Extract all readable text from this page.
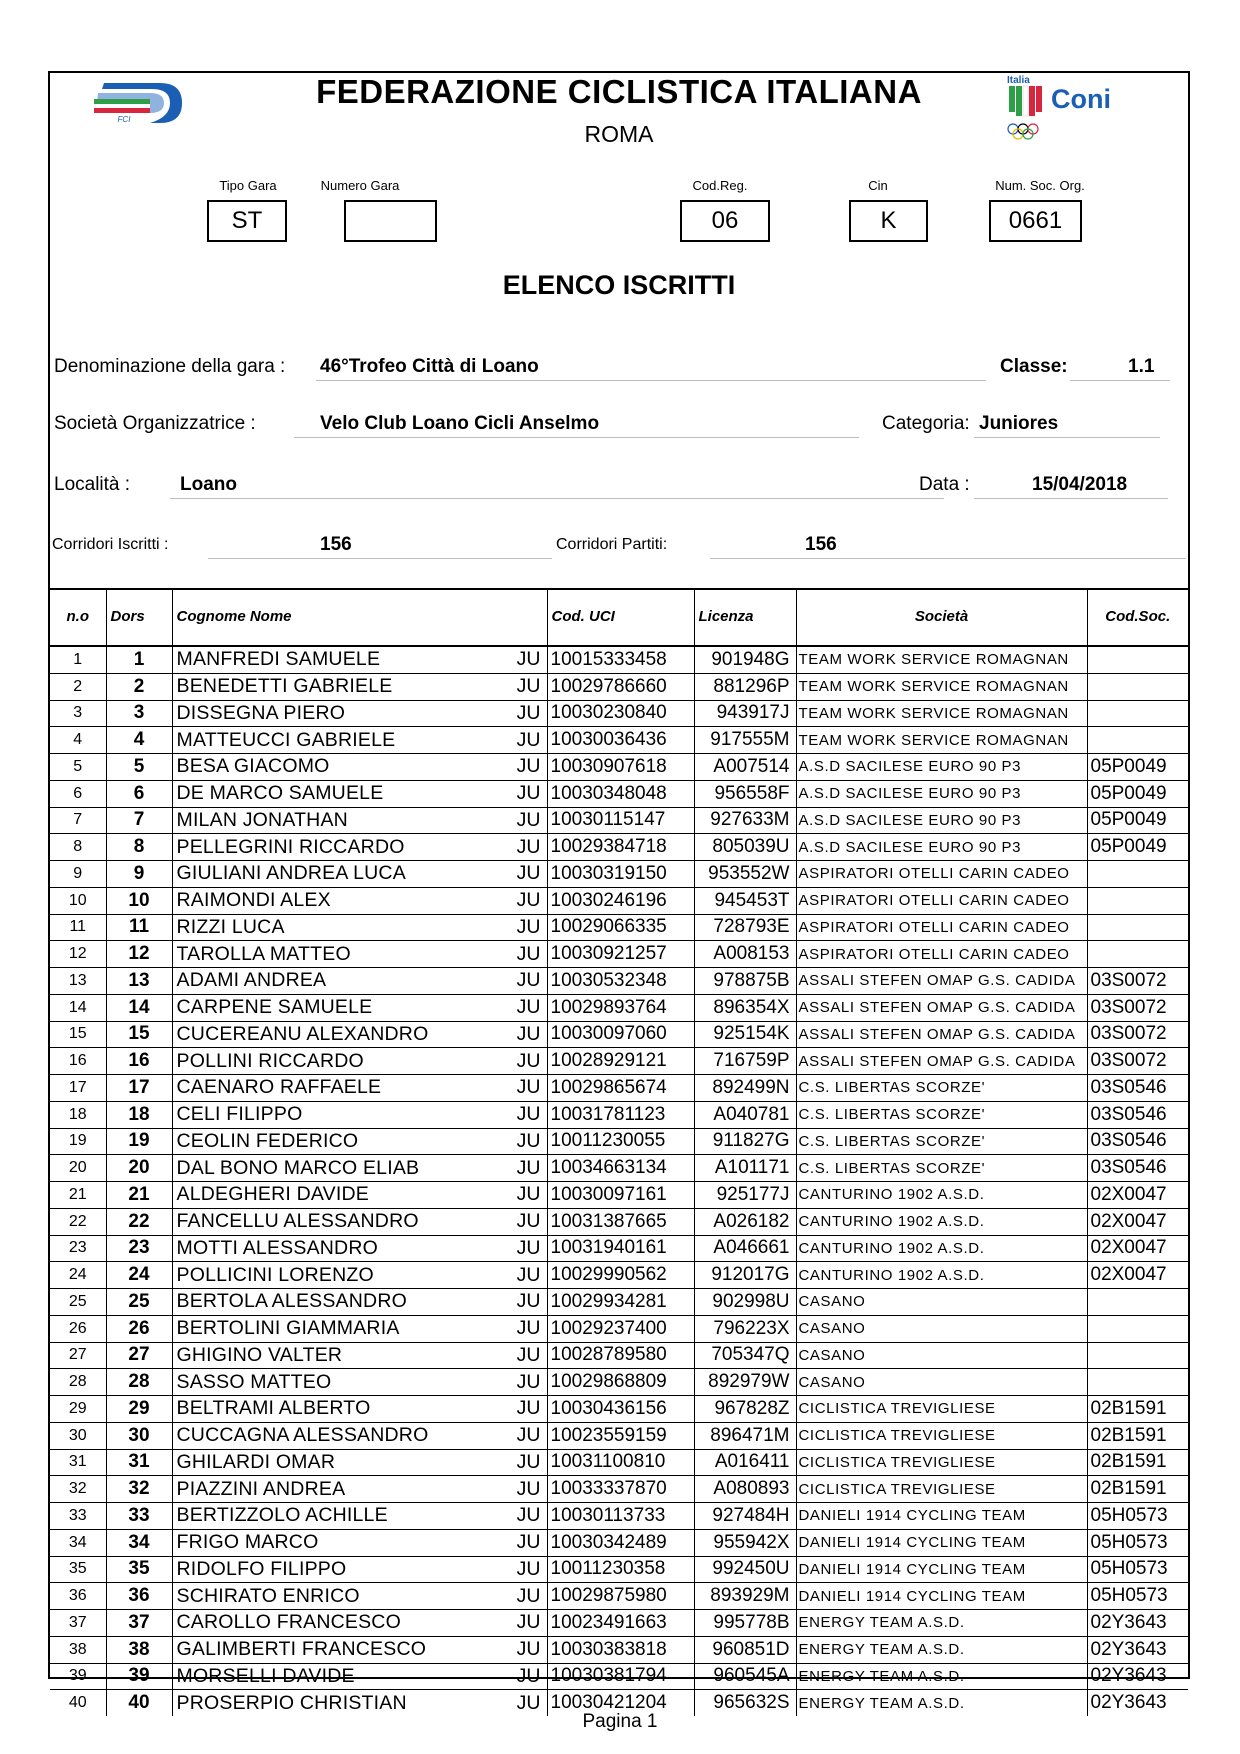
FCI
FEDERAZIONE CICLISTICA ITALIANA
ROMA
Italia
Coni
Tipo Gara
ST
Numero Gara	Cod.Reg.
06
Cin
K
Num. Soc. Org.
0661
ELENCO ISCRITTI
Denominazione della gara : 46°Trofeo Città di Loano	Classe:	1.1
Società Organizzatrice :	Velo Club Loano Cicli Anselmo	Categoria: Juniores
Località :	Loano	Data :	15/04/2018
Corridori Iscritti :	156	Corridori Partiti:	156
n.o	Dors	Cognome Nome	Cod. UCI	Licenza	Società	Cod.Soc.
1	1	MANFREDI SAMUELE JU	10015333458	901948G	TEAM WORK SERVICE ROMAGNAN	
2	2	BENEDETTI GABRIELE JU	10029786660	881296P	TEAM WORK SERVICE ROMAGNAN	
3	3	DISSEGNA PIERO JU	10030230840	943917J	TEAM WORK SERVICE ROMAGNAN	
4	4	MATTEUCCI GABRIELE JU	10030036436	917555M	TEAM WORK SERVICE ROMAGNAN	
5	5	BESA GIACOMO JU	10030907618	A007514	A.S.D SACILESE EURO 90 P3	05P0049
6	6	DE MARCO SAMUELE JU	10030348048	956558F	A.S.D SACILESE EURO 90 P3	05P0049
7	7	MILAN JONATHAN JU	10030115147	927633M	A.S.D SACILESE EURO 90 P3	05P0049
8	8	PELLEGRINI RICCARDO JU	10029384718	805039U	A.S.D SACILESE EURO 90 P3	05P0049
9	9	GIULIANI ANDREA LUCA JU	10030319150	953552W	ASPIRATORI OTELLI CARIN CADEO	
10	10	RAIMONDI ALEX JU	10030246196	945453T	ASPIRATORI OTELLI CARIN CADEO	
11	11	RIZZI LUCA JU	10029066335	728793E	ASPIRATORI OTELLI CARIN CADEO	
12	12	TAROLLA MATTEO JU	10030921257	A008153	ASPIRATORI OTELLI CARIN CADEO	
13	13	ADAMI ANDREA JU	10030532348	978875B	ASSALI STEFEN OMAP G.S. CADIDA	03S0072
14	14	CARPENE SAMUELE JU	10029893764	896354X	ASSALI STEFEN OMAP G.S. CADIDA	03S0072
15	15	CUCEREANU ALEXANDRO JU	10030097060	925154K	ASSALI STEFEN OMAP G.S. CADIDA	03S0072
16	16	POLLINI RICCARDO JU	10028929121	716759P	ASSALI STEFEN OMAP G.S. CADIDA	03S0072
17	17	CAENARO RAFFAELE JU	10029865674	892499N	C.S. LIBERTAS SCORZE'	03S0546
18	18	CELI FILIPPO JU	10031781123	A040781	C.S. LIBERTAS SCORZE'	03S0546
19	19	CEOLIN FEDERICO JU	10011230055	911827G	C.S. LIBERTAS SCORZE'	03S0546
20	20	DAL BONO MARCO ELIAB JU	10034663134	A101171	C.S. LIBERTAS SCORZE'	03S0546
21	21	ALDEGHERI DAVIDE JU	10030097161	925177J	CANTURINO 1902 A.S.D.	02X0047
22	22	FANCELLU ALESSANDRO JU	10031387665	A026182	CANTURINO 1902 A.S.D.	02X0047
23	23	MOTTI ALESSANDRO JU	10031940161	A046661	CANTURINO 1902 A.S.D.	02X0047
24	24	POLLICINI LORENZO JU	10029990562	912017G	CANTURINO 1902 A.S.D.	02X0047
25	25	BERTOLA ALESSANDRO JU	10029934281	902998U	CASANO	
26	26	BERTOLINI GIAMMARIA JU	10029237400	796223X	CASANO	
27	27	GHIGINO VALTER JU	10028789580	705347Q	CASANO	
28	28	SASSO MATTEO JU	10029868809	892979W	CASANO	
29	29	BELTRAMI ALBERTO JU	10030436156	967828Z	CICLISTICA TREVIGLIESE	02B1591
30	30	CUCCAGNA ALESSANDRO JU	10023559159	896471M	CICLISTICA TREVIGLIESE	02B1591
31	31	GHILARDI OMAR JU	10031100810	A016411	CICLISTICA TREVIGLIESE	02B1591
32	32	PIAZZINI ANDREA JU	10033337870	A080893	CICLISTICA TREVIGLIESE	02B1591
33	33	BERTIZZOLO ACHILLE JU	10030113733	927484H	DANIELI 1914 CYCLING TEAM	05H0573
34	34	FRIGO MARCO JU	10030342489	955942X	DANIELI 1914 CYCLING TEAM	05H0573
35	35	RIDOLFO FILIPPO JU	10011230358	992450U	DANIELI 1914 CYCLING TEAM	05H0573
36	36	SCHIRATO ENRICO JU	10029875980	893929M	DANIELI 1914 CYCLING TEAM	05H0573
37	37	CAROLLO FRANCESCO JU	10023491663	995778B	ENERGY TEAM A.S.D.	02Y3643
38	38	GALIMBERTI FRANCESCO JU	10030383818	960851D	ENERGY TEAM A.S.D.	02Y3643
39	39	MORSELLI DAVIDE JU	10030381794	960545A	ENERGY TEAM A.S.D.	02Y3643
40	40	PROSERPIO CHRISTIAN JU	10030421204	965632S	ENERGY TEAM A.S.D.	02Y3643
Pagina 1
